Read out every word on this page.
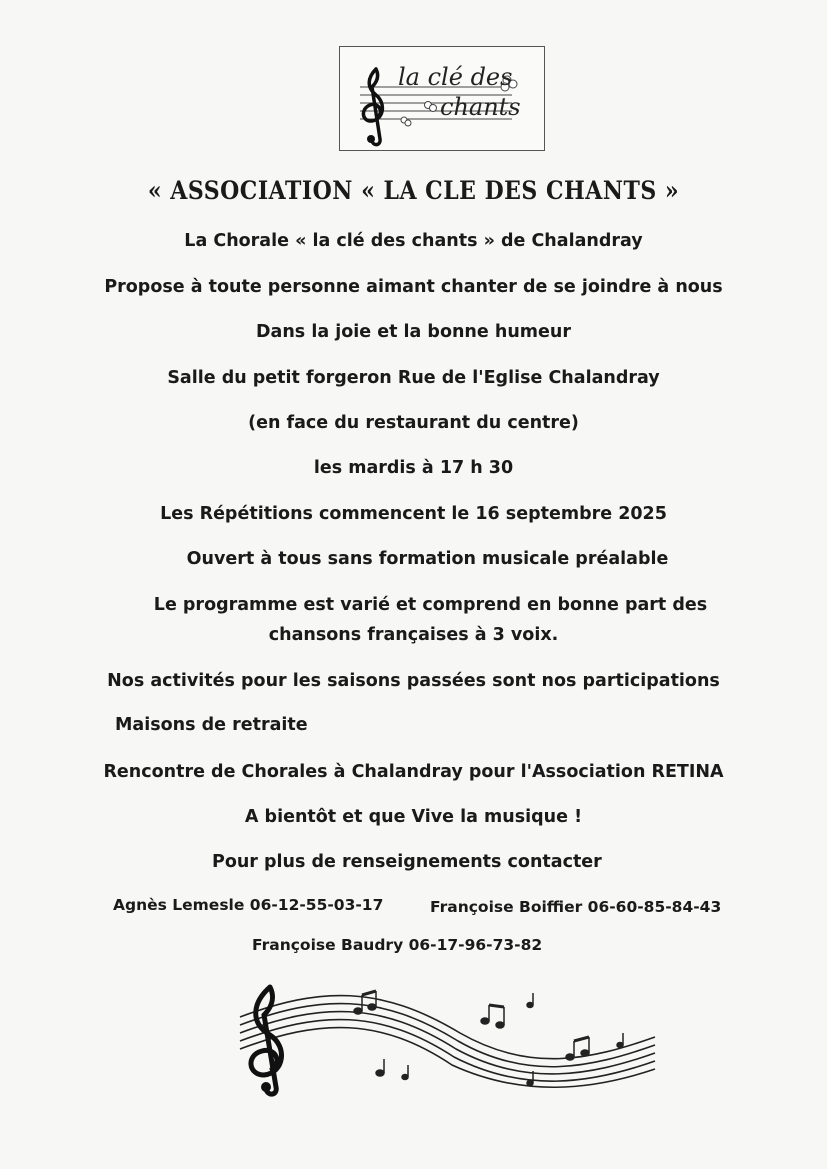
la clé des
chants
« ASSOCIATION « LA CLE DES CHANTS »
La Chorale « la clé des chants » de Chalandray
Propose à toute personne aimant chanter de se joindre à nous
Dans la joie et la bonne humeur
Salle du petit forgeron Rue de l'Eglise Chalandray
(en face du restaurant du centre)
les mardis à 17 h 30
Les Répétitions commencent le 16 septembre 2025
Ouvert à tous sans formation musicale préalable
Le programme est varié et comprend en bonne part des
chansons françaises à 3 voix.
Nos activités pour les saisons passées sont nos participations
Maisons de retraite
Rencontre de Chorales à Chalandray pour l'Association RETINA
A bientôt et que Vive la musique !
Pour plus de renseignements contacter
Agnès Lemesle 06-12-55-03-17	Françoise Boiffier 06-60-85-84-43
Françoise Baudry 06-17-96-73-82
